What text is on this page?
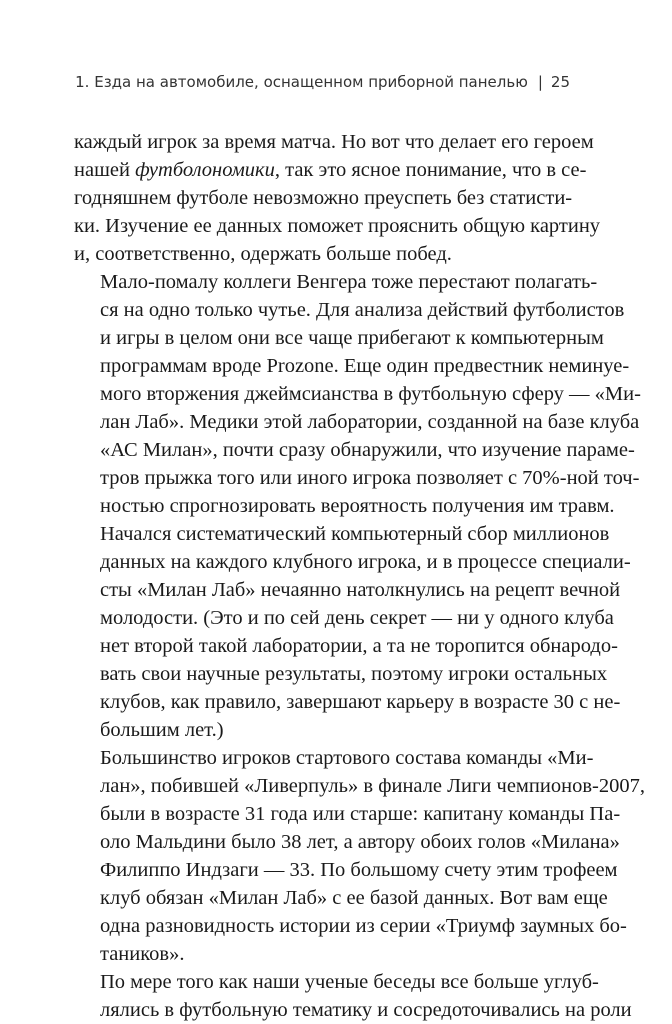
1. Езда на автомобиле, оснащенном приборной панелью | 25

каждый игрок за время матча. Но вот что делает его героем
нашей футболономики, так это ясное понимание, что в се-
годняшнем футболе невозможно преуспеть без статисти-
ки. Изучение ее данных поможет прояснить общую картину
и, соответственно, одержать больше побед.

Мало-помалу коллеги Венгера тоже перестают полагать-
ся на одно только чутье. Для анализа действий футболистов
и игры в целом они все чаще прибегают к компьютерным
программам вроде Prozone. Еще один предвестник неминуе-
мого вторжения джеймсианства в футбольную сферу — «Ми-
лан Лаб». Медики этой лаборатории, созданной на базе клуба
«АС Милан», почти сразу обнаружили, что изучение параме-
тров прыжка того или иного игрока позволяет с 70%-ной точ-
ностью спрогнозировать вероятность получения им травм.
Начался систематический компьютерный сбор миллионов
данных на каждого клубного игрока, и в процессе специали-
сты «Милан Лаб» нечаянно натолкнулись на рецепт вечной
молодости. (Это и по сей день секрет — ни у одного клуба
нет второй такой лаборатории, а та не торопится обнародо-
вать свои научные результаты, поэтому игроки остальных
клубов, как правило, завершают карьеру в возрасте 30 с не-
большим лет.)

Большинство игроков стартового состава команды «Ми-
лан», побившей «Ливерпуль» в финале Лиги чемпионов-2007,
были в возрасте 31 года или старше: капитану команды Па-
оло Мальдини было 38 лет, а автору обоих голов «Милана»
Филиппо Индзаги — 33. По большому счету этим трофеем
клуб обязан «Милан Лаб» с ее базой данных. Вот вам еще
одна разновидность истории из серии «Триумф заумных бо-
таников».

По мере того как наши ученые беседы все больше углуб-
лялись в футбольную тематику и сосредоточивались на роли
